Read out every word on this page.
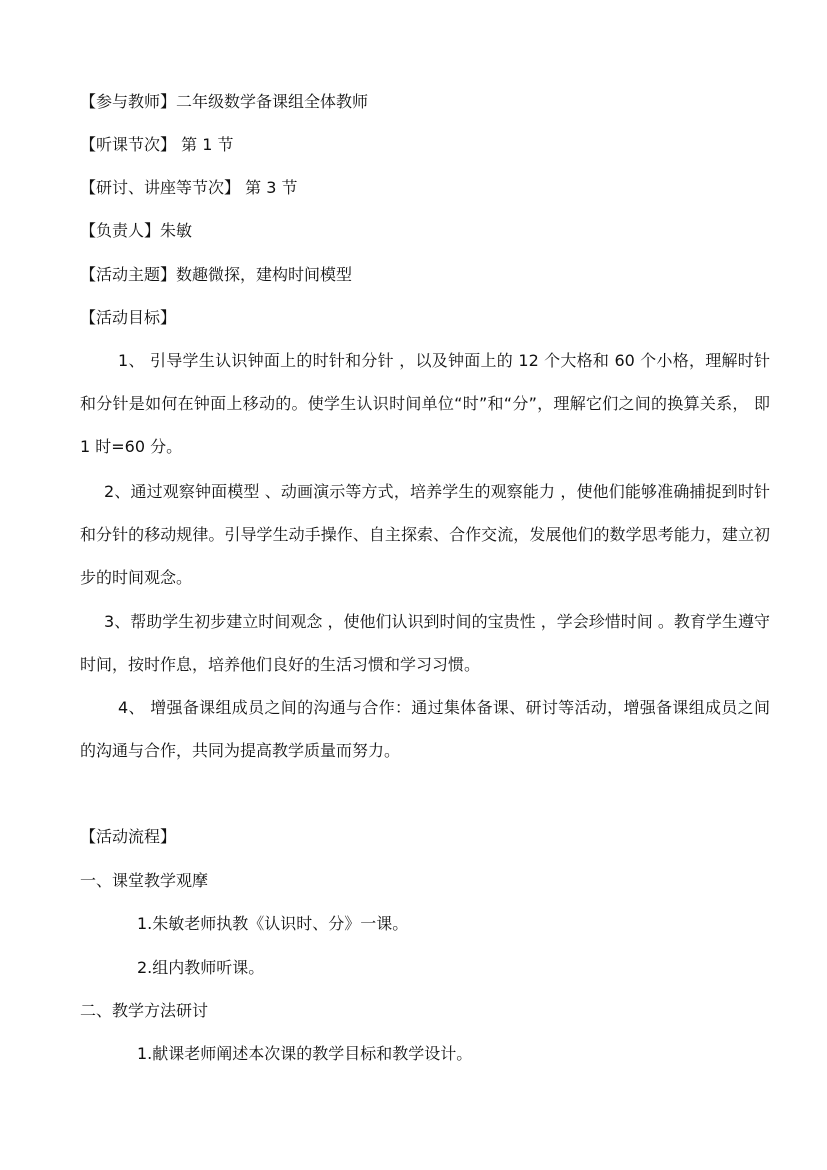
【参与教师】二年级数学备课组全体教师
【听课节次】 第 1 节
【研讨、讲座等节次】 第 3 节
【负责人】朱敏
【活动主题】数趣微探，建构时间模型
【活动目标】
1、 引导学生认识钟面上的时针和分针 ，以及钟面上的 12 个大格和 60 个小格，理解时针和分针是如何在钟面上移动的。使学生认识时间单位“时”和“分”，理解它们之间的换算关系， 即 1 时=60 分。
2、通过观察钟面模型 、动画演示等方式，培养学生的观察能力 ，使他们能够准确捕捉到时针和分针的移动规律。引导学生动手操作、自主探索、合作交流，发展他们的数学思考能力，建立初步的时间观念。
3、帮助学生初步建立时间观念 ，使他们认识到时间的宝贵性 ，学会珍惜时间 。教育学生遵守时间，按时作息，培养他们良好的生活习惯和学习习惯。
4、 增强备课组成员之间的沟通与合作：通过集体备课、研讨等活动，增强备课组成员之间的沟通与合作，共同为提高教学质量而努力。
【活动流程】
一、课堂教学观摩
1.朱敏老师执教《认识时、分》一课。
2.组内教师听课。
二、教学方法研讨
1.献课老师阐述本次课的教学目标和教学设计。
